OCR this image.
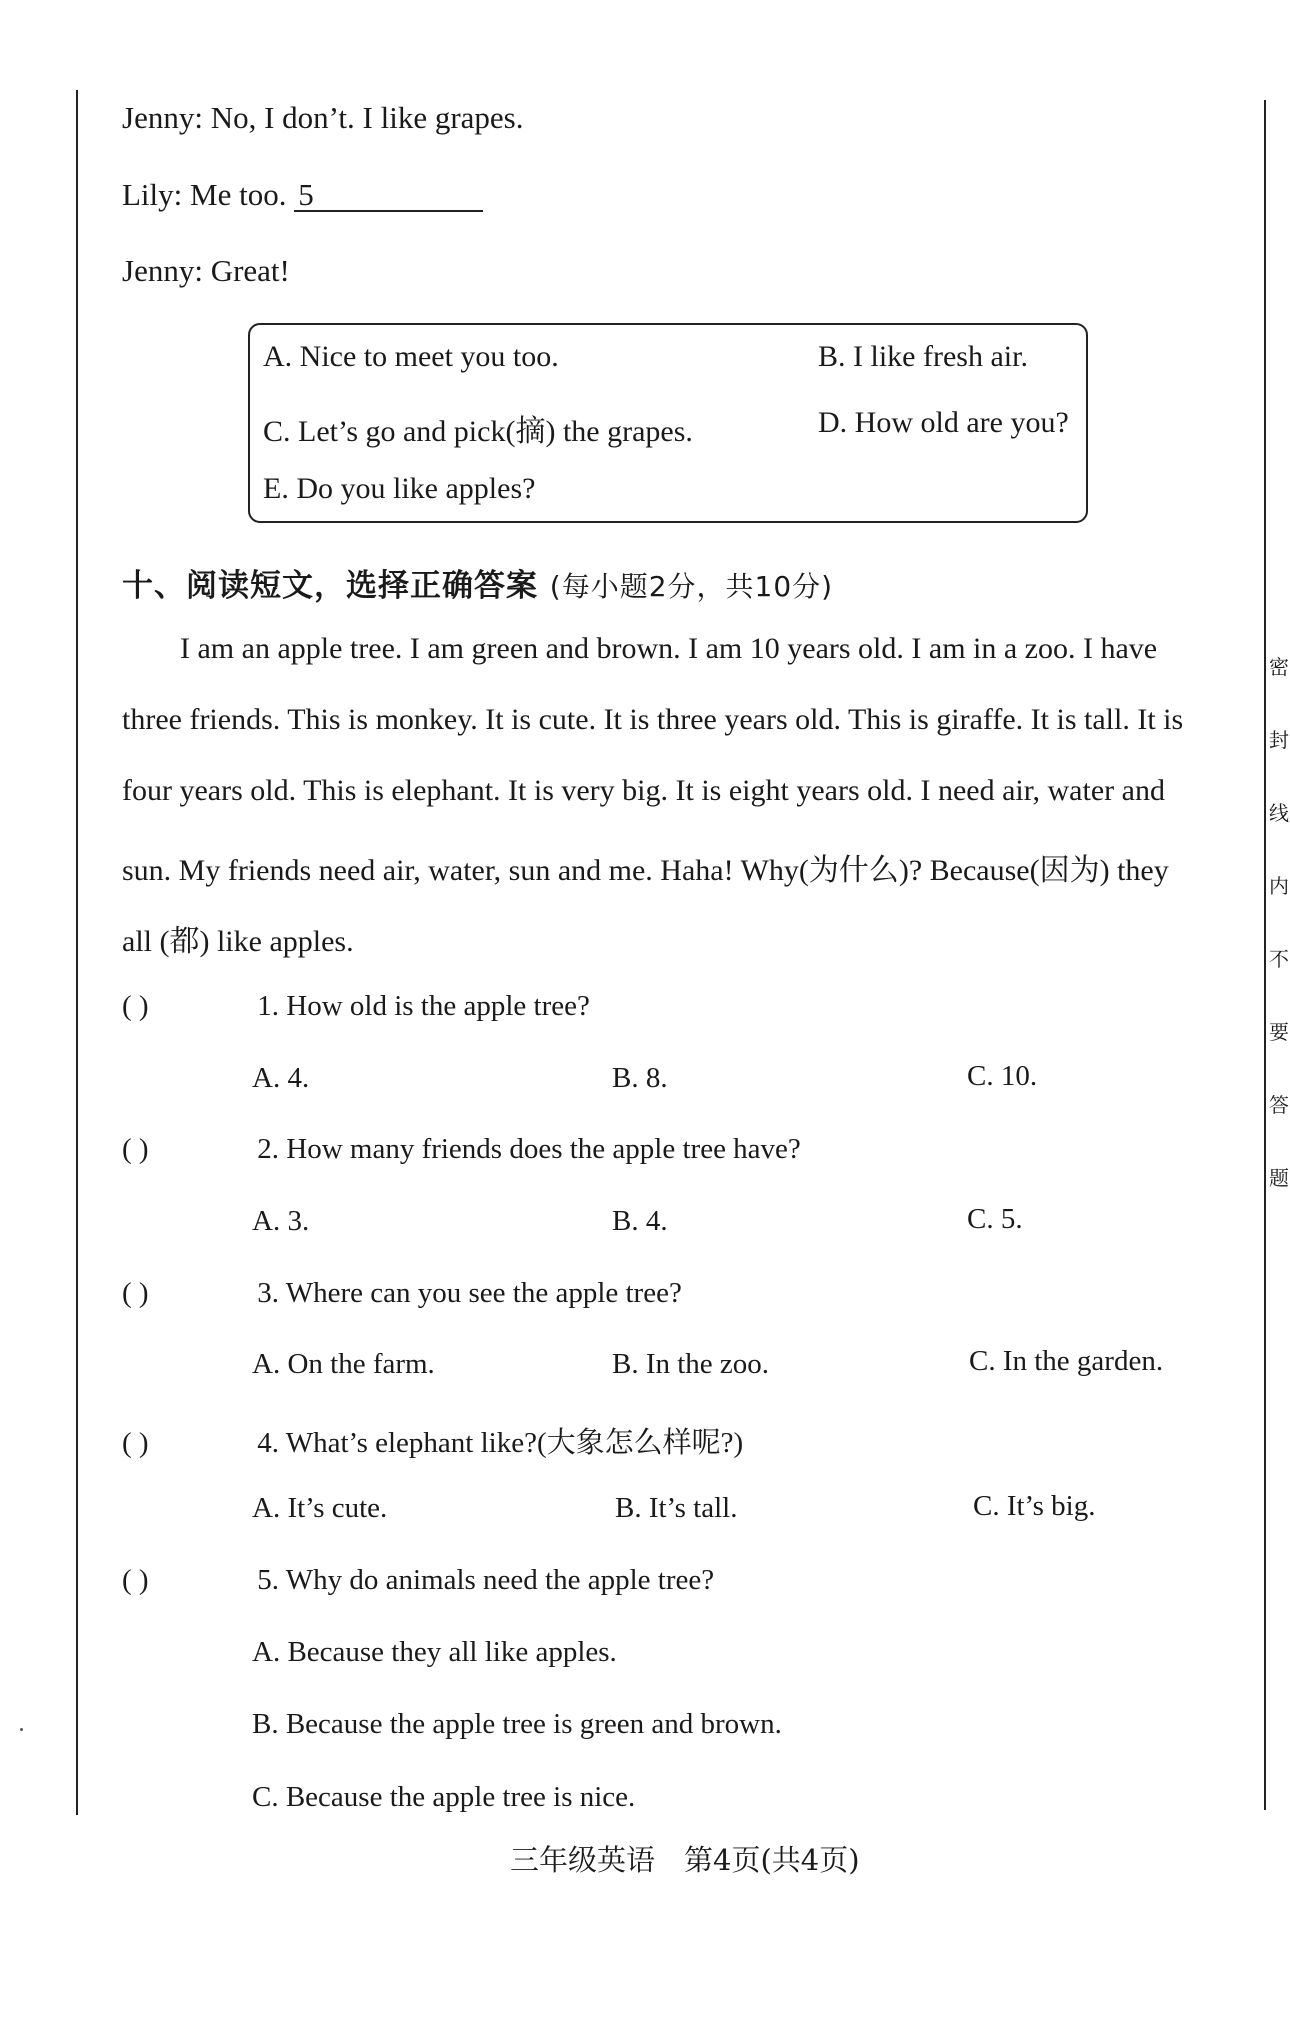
Jenny: No, I don’t. I like grapes.
Lily: Me too. 5
Jenny: Great!
A. Nice to meet you too.	B. I like fresh air.
C. Let’s go and pick(摘) the grapes.	D. How old are you?
E. Do you like apples?
十、阅读短文，选择正确答案 (每小题2分，共10分)
I am an apple tree. I am green and brown. I am 10 years old. I am in a zoo. I have
three friends. This is monkey. It is cute. It is three years old. This is giraffe. It is tall. It is
four years old. This is elephant. It is very big. It is eight years old. I need air, water and
sun. My friends need air, water, sun and me. Haha! Why(为什么)? Because(因为) they
all (都) like apples.
( )	1. How old is the apple tree?
A. 4.	B. 8.	C. 10.
( )	2. How many friends does the apple tree have?
A. 3.	B. 4.	C. 5.
( )	3. Where can you see the apple tree?
A. On the farm.	B. In the zoo.	C. In the garden.
( )	4. What’s elephant like?(大象怎么样呢?)
A. It’s cute.	B. It’s tall.	C. It’s big.
( )	5. Why do animals need the apple tree?
A. Because they all like apples.
B. Because the apple tree is green and brown.
C. Because the apple tree is nice.
密
封
线
内
不
要
答
题
三年级英语　第4页(共4页)
